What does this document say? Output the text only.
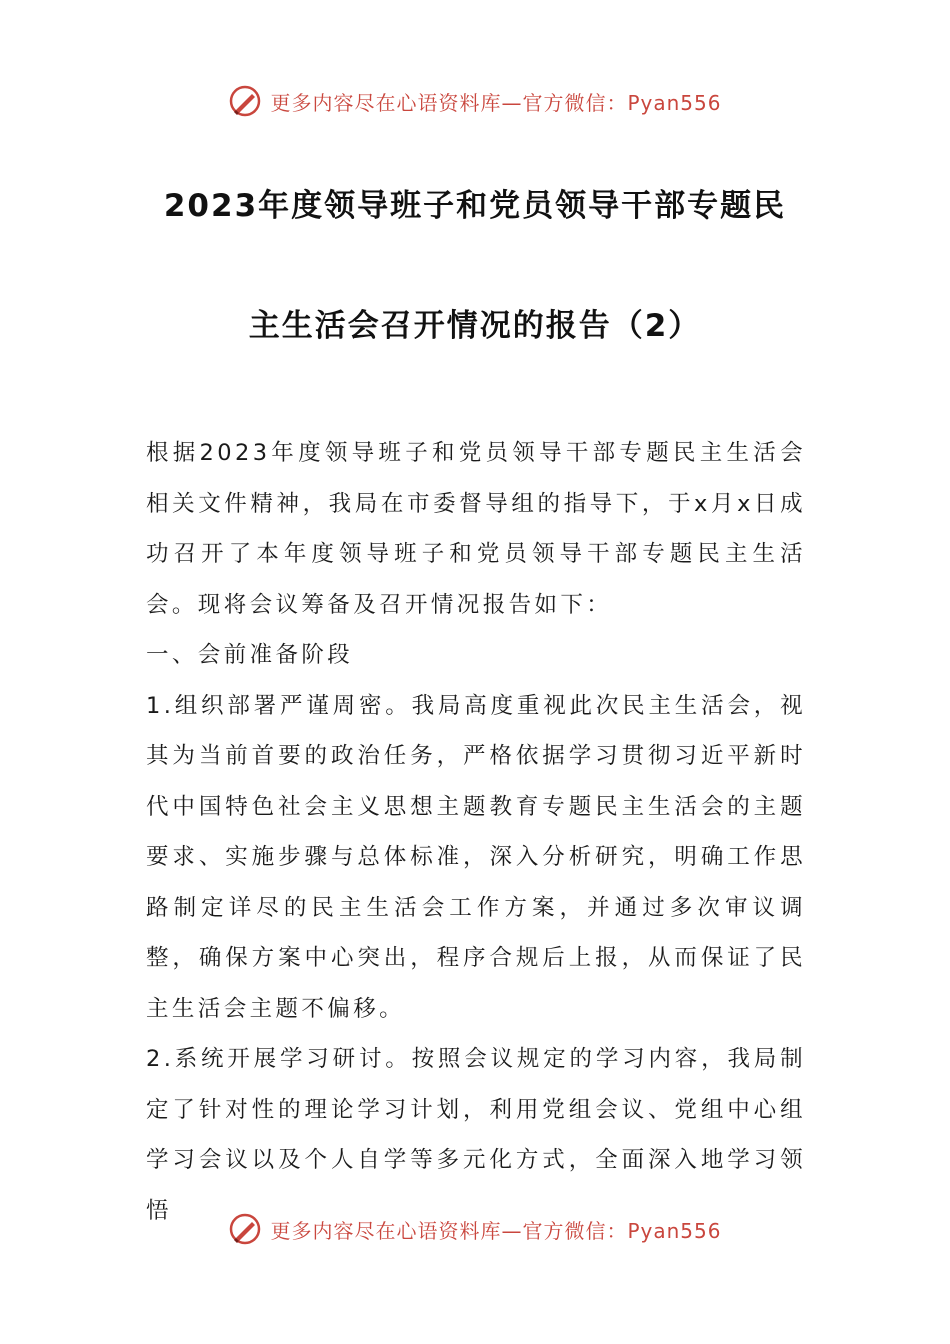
更多内容尽在心语资料库—官方微信：Pyan556
2023年度领导班子和党员领导干部专题民
主生活会召开情况的报告（2）

根据2023年度领导班子和党员领导干部专题民主生活会相关文件精神，我局在市委督导组的指导下，于x月x日成功召开了本年度领导班子和党员领导干部专题民主生活会。现将会议筹备及召开情况报告如下：

一、会前准备阶段

1.组织部署严谨周密。我局高度重视此次民主生活会，视其为当前首要的政治任务，严格依据学习贯彻习近平新时代中国特色社会主义思想主题教育专题民主生活会的主题要求、实施步骤与总体标准，深入分析研究，明确工作思路制定详尽的民主生活会工作方案，并通过多次审议调整，确保方案中心突出，程序合规后上报，从而保证了民主生活会主题不偏移。

2.系统开展学习研讨。按照会议规定的学习内容，我局制定了针对性的理论学习计划，利用党组会议、党组中心组学习会议以及个人自学等多元化方式，全面深入地学习领悟

更多内容尽在心语资料库—官方微信：Pyan556
